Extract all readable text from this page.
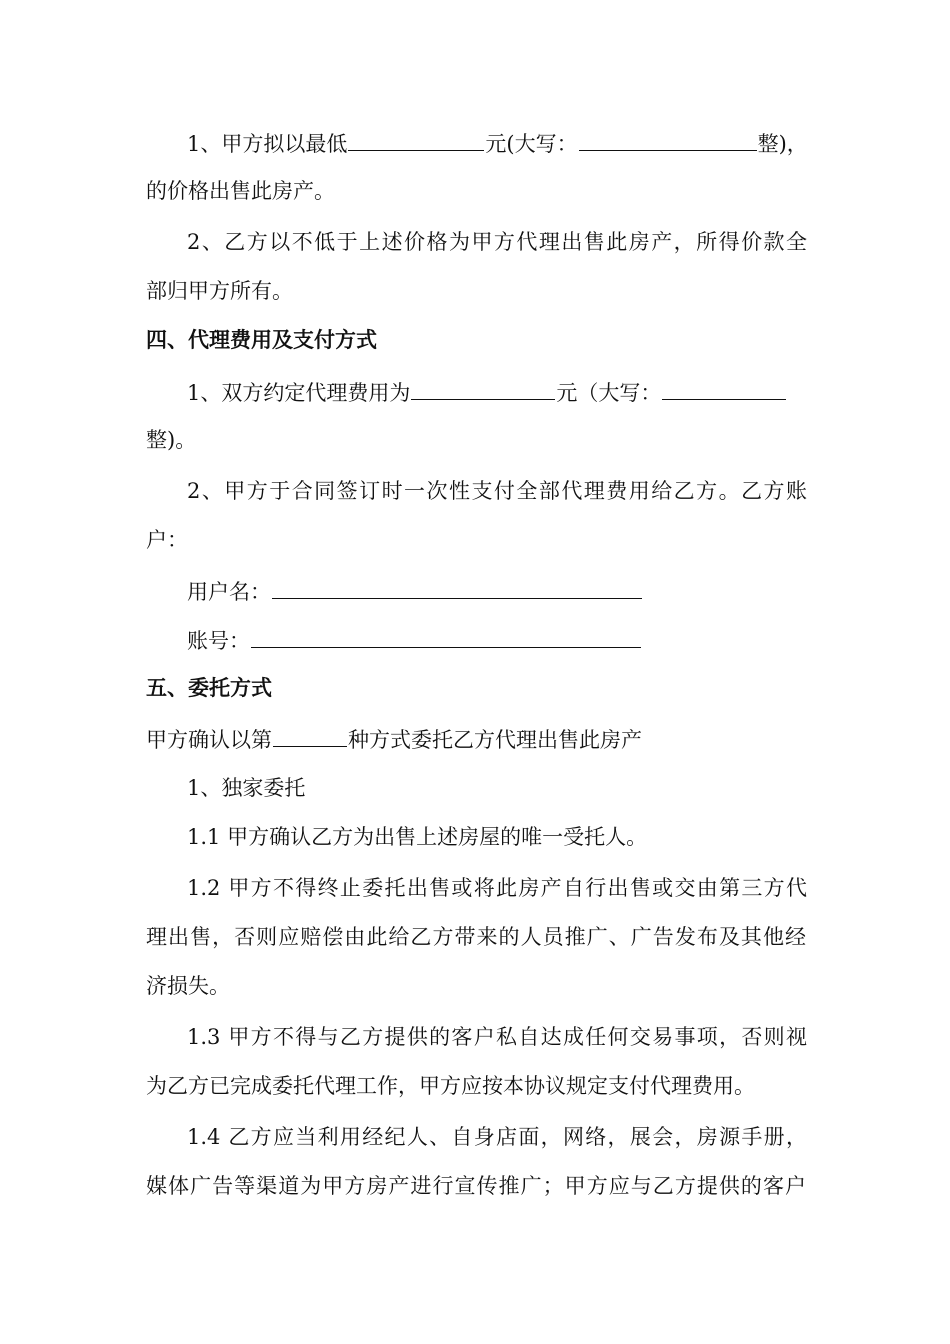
1、甲方拟以最低	元(大写：	整)，
的价格出售此房产。
2、乙方以不低于上述价格为甲方代理出售此房产，所得价款全
部归甲方所有。
四、代理费用及支付方式
1、双方约定代理费用为	元（大写：
整)。
2、甲方于合同签订时一次性支付全部代理费用给乙方。乙方账
户：
用户名：
账号：
五、委托方式
甲方确认以第	种方式委托乙方代理出售此房产
1、独家委托
1.1 甲方确认乙方为出售上述房屋的唯一受托人。
1.2 甲方不得终止委托出售或将此房产自行出售或交由第三方代
理出售，否则应赔偿由此给乙方带来的人员推广、广告发布及其他经
济损失。
1.3 甲方不得与乙方提供的客户私自达成任何交易事项，否则视
为乙方已完成委托代理工作，甲方应按本协议规定支付代理费用。
1.4 乙方应当利用经纪人、自身店面，网络，展会，房源手册，
媒体广告等渠道为甲方房产进行宣传推广；甲方应与乙方提供的客户
